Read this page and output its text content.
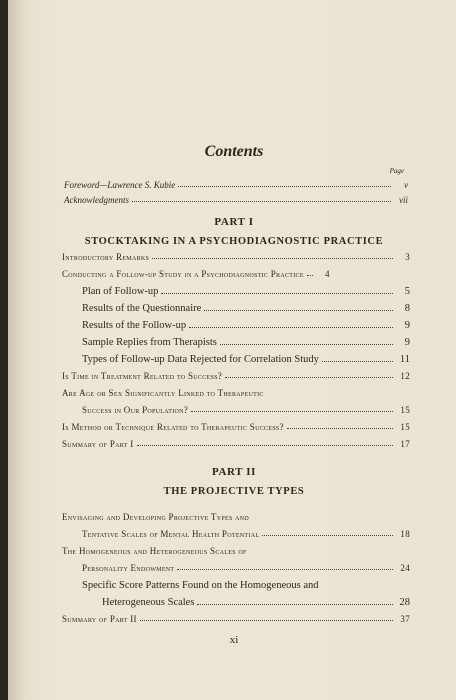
Contents
Page
Foreword—Lawrence S. Kubie	v
Acknowledgments	vii
PART I
STOCKTAKING IN A PSYCHODIAGNOSTIC PRACTICE
Introductory Remarks	3
Conducting a Follow-up Study in a Psychodiagnostic Practice	4
Plan of Follow-up	5
Results of the Questionnaire	8
Results of the Follow-up	9
Sample Replies from Therapists	9
Types of Follow-up Data Rejected for Correlation Study	11
Is Time in Treatment Related to Success?	12
Are Age or Sex Significantly Linked to Therapeutic
Success in Our Population?	15
Is Method or Technique Related to Therapeutic Success?	15
Summary of Part I	17
PART II
THE PROJECTIVE TYPES
Envisaging and Developing Projective Types and
Tentative Scales of Mental Health Potential	18
The Homogeneous and Heterogeneous Scales of
Personality Endowment	24
Specific Score Patterns Found on the Homogeneous and
Heterogeneous Scales	28
Summary of Part II	37
xi
